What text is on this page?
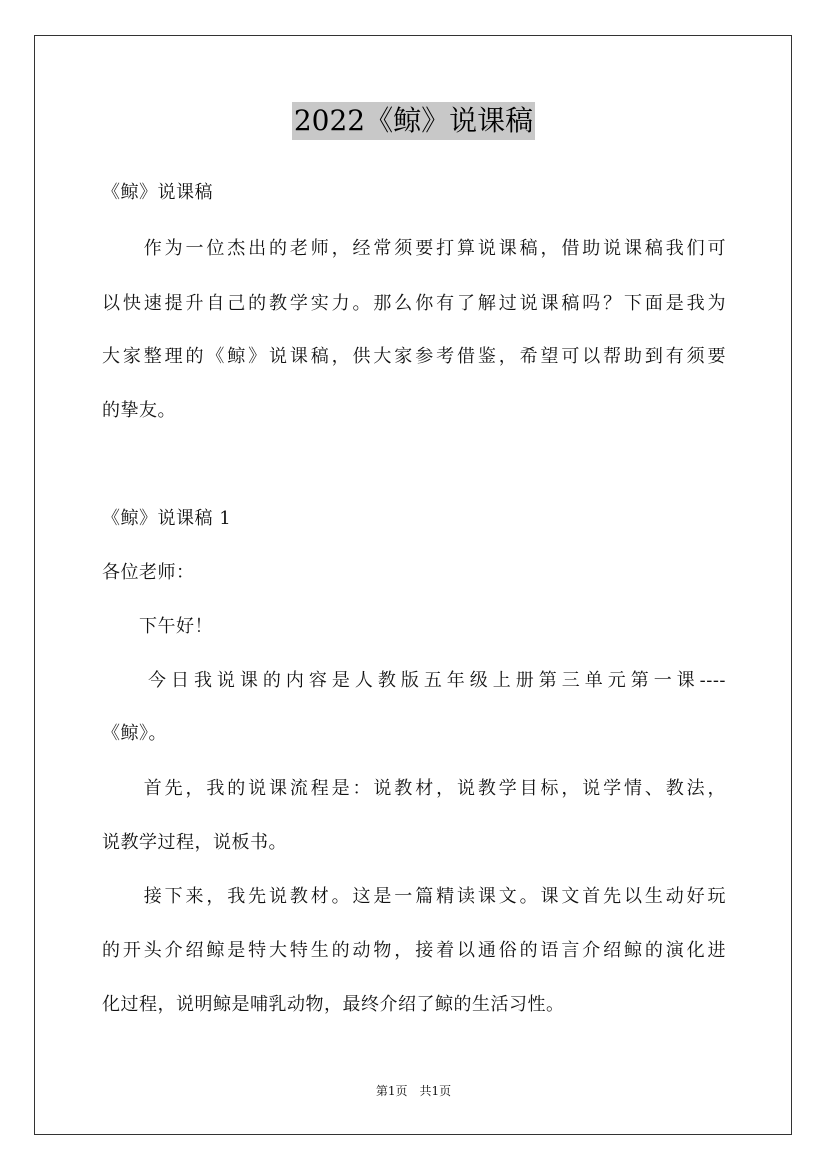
2022《鲸》说课稿
《鲸》说课稿
　　作为一位杰出的老师，经常须要打算说课稿，借助说课稿我们可
以快速提升自己的教学实力。那么你有了解过说课稿吗？下面是我为
大家整理的《鲸》说课稿，供大家参考借鉴，希望可以帮助到有须要
的挚友。
《鲸》说课稿 1
各位老师：
　　下午好！
　　今日我说课的内容是人教版五年级上册第三单元第一课----
《鲸》。
　　首先，我的说课流程是：说教材，说教学目标，说学情、教法，
说教学过程，说板书。
　　接下来，我先说教材。这是一篇精读课文。课文首先以生动好玩
的开头介绍鲸是特大特生的动物，接着以通俗的语言介绍鲸的演化进
化过程，说明鲸是哺乳动物，最终介绍了鲸的生活习性。
第1页　共1页
